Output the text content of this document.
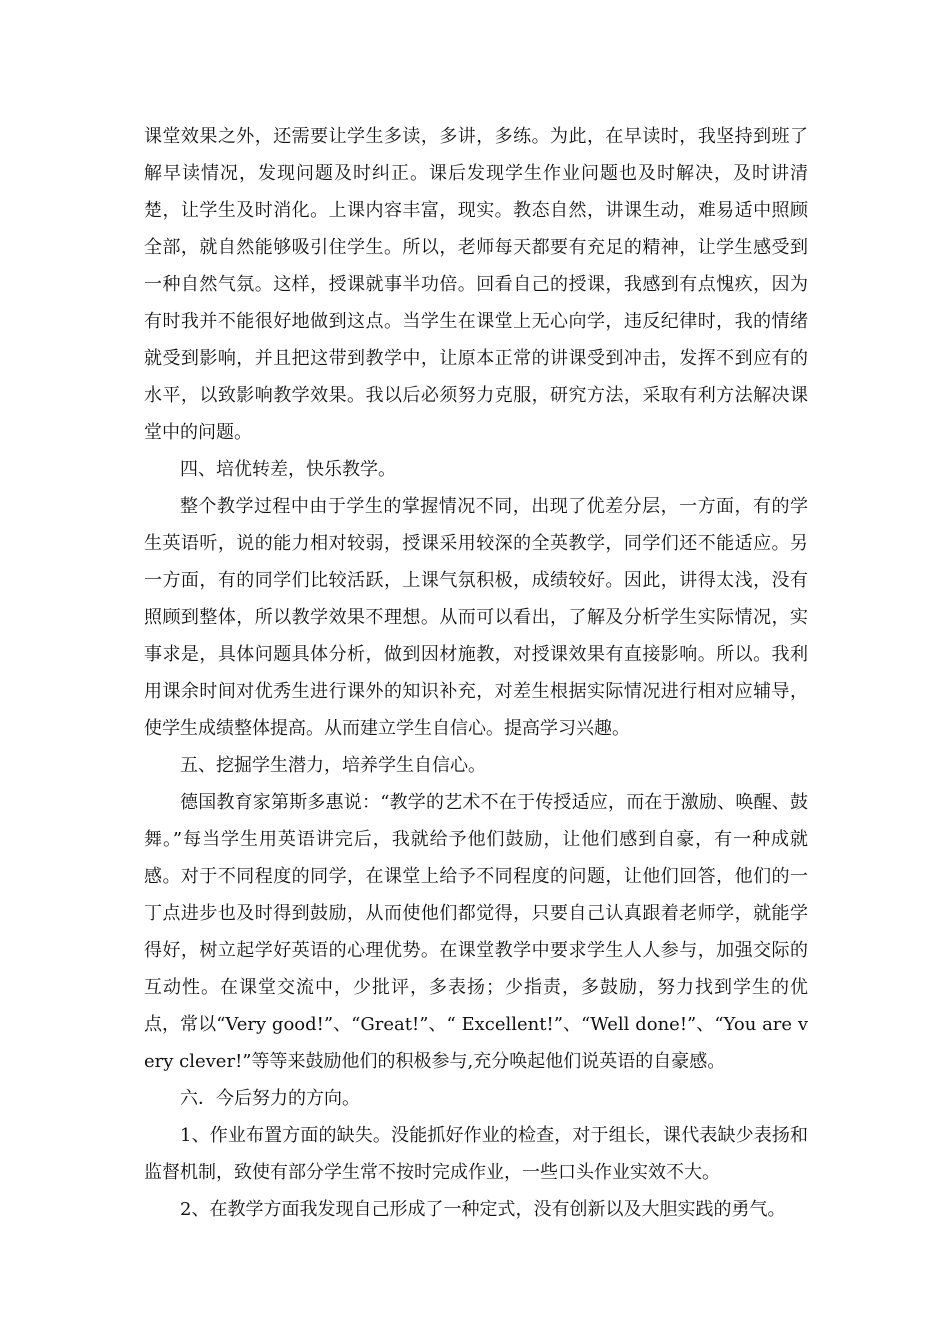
课堂效果之外，还需要让学生多读，多讲，多练。为此，在早读时，我坚持到班了解早读情况，发现问题及时纠正。课后发现学生作业问题也及时解决，及时讲清楚，让学生及时消化。上课内容丰富，现实。教态自然，讲课生动，难易适中照顾全部，就自然能够吸引住学生。所以，老师每天都要有充足的精神，让学生感受到一种自然气氛。这样，授课就事半功倍。回看自己的授课，我感到有点愧疚，因为有时我并不能很好地做到这点。当学生在课堂上无心向学，违反纪律时，我的情绪就受到影响，并且把这带到教学中，让原本正常的讲课受到冲击，发挥不到应有的水平，以致影响教学效果。我以后必须努力克服，研究方法，采取有利方法解决课堂中的问题。

四、培优转差，快乐教学。

整个教学过程中由于学生的掌握情况不同，出现了优差分层，一方面，有的学生英语听，说的能力相对较弱，授课采用较深的全英教学，同学们还不能适应。另一方面，有的同学们比较活跃，上课气氛积极，成绩较好。因此，讲得太浅，没有照顾到整体，所以教学效果不理想。从而可以看出，了解及分析学生实际情况，实事求是，具体问题具体分析，做到因材施教，对授课效果有直接影响。所以。我利用课余时间对优秀生进行课外的知识补充，对差生根据实际情况进行相对应辅导，使学生成绩整体提高。从而建立学生自信心。提高学习兴趣。

五、挖掘学生潜力，培养学生自信心。

德国教育家第斯多惠说：“教学的艺术不在于传授适应，而在于激励、唤醒、鼓舞。”每当学生用英语讲完后，我就给予他们鼓励，让他们感到自豪，有一种成就感。对于不同程度的同学，在课堂上给予不同程度的问题，让他们回答，他们的一丁点进步也及时得到鼓励，从而使他们都觉得，只要自己认真跟着老师学，就能学得好，树立起学好英语的心理优势。在课堂教学中要求学生人人参与，加强交际的互动性。在课堂交流中，少批评，多表扬；少指责，多鼓励，努力找到学生的优点，常以“Very good!”、“Great!”、“ Excellent!”、“Well done!”、“You are very clever!”等等来鼓励他们的积极参与,充分唤起他们说英语的自豪感。

六．今后努力的方向。

1、作业布置方面的缺失。没能抓好作业的检查，对于组长，课代表缺少表扬和监督机制，致使有部分学生常不按时完成作业，一些口头作业实效不大。

2、在教学方面我发现自己形成了一种定式，没有创新以及大胆实践的勇气。
